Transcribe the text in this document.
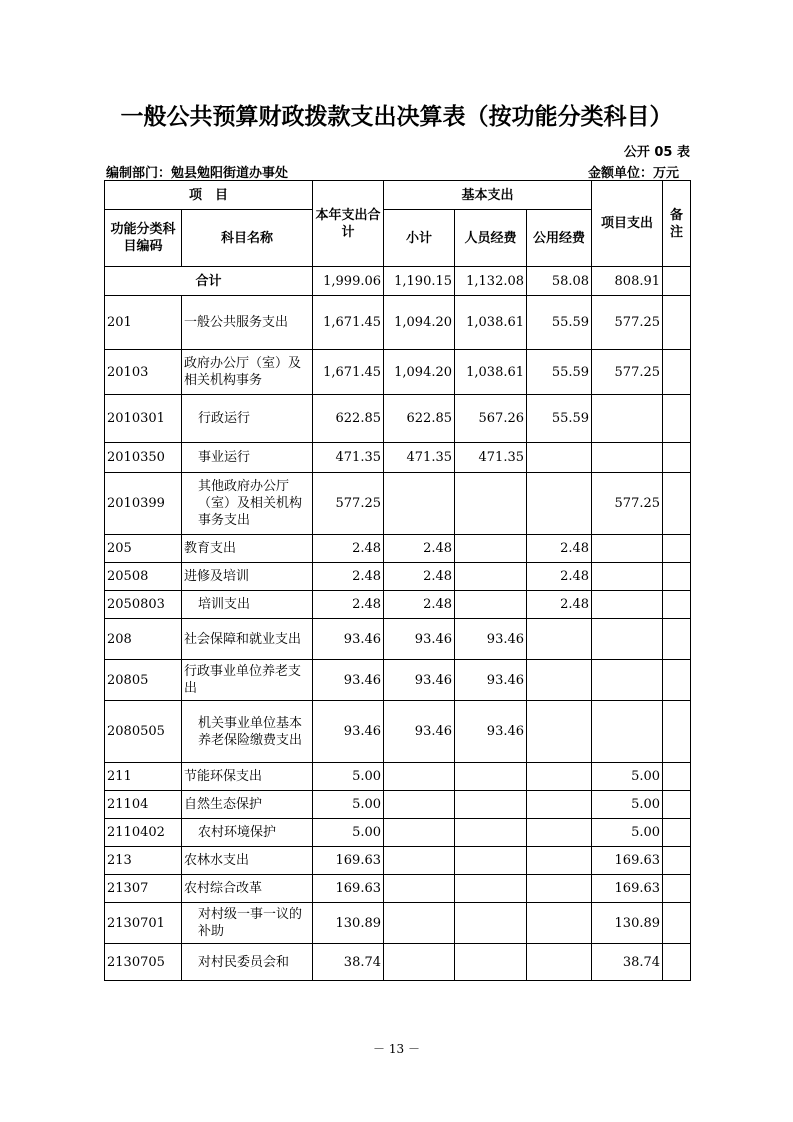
一般公共预算财政拨款支出决算表（按功能分类科目）
公开 05 表
编制部门：勉县勉阳街道办事处	金额单位：万元
项　目		本年支出合计	基本支出			项目支出	备注
功能分类科目编码	科目名称		小计	人员经费	公用经费		
合计		1,999.06	1,190.15	1,132.08	58.08	808.91	
201	一般公共服务支出	1,671.45	1,094.20	1,038.61	55.59	577.25	
20103	政府办公厅（室）及相关机构事务	1,671.45	1,094.20	1,038.61	55.59	577.25	
2010301	行政运行	622.85	622.85	567.26	55.59		
2010350	事业运行	471.35	471.35	471.35			
2010399	其他政府办公厅（室）及相关机构事务支出	577.25				577.25	
205	教育支出	2.48	2.48		2.48		
20508	进修及培训	2.48	2.48		2.48		
2050803	培训支出	2.48	2.48		2.48		
208	社会保障和就业支出	93.46	93.46	93.46			
20805	行政事业单位养老支出	93.46	93.46	93.46			
2080505	机关事业单位基本养老保险缴费支出	93.46	93.46	93.46			
211	节能环保支出	5.00				5.00	
21104	自然生态保护	5.00				5.00	
2110402	农村环境保护	5.00				5.00	
213	农林水支出	169.63				169.63	
21307	农村综合改革	169.63				169.63	
2130701	对村级一事一议的补助	130.89				130.89	
2130705	对村民委员会和	38.74				38.74	
－ 13 －
